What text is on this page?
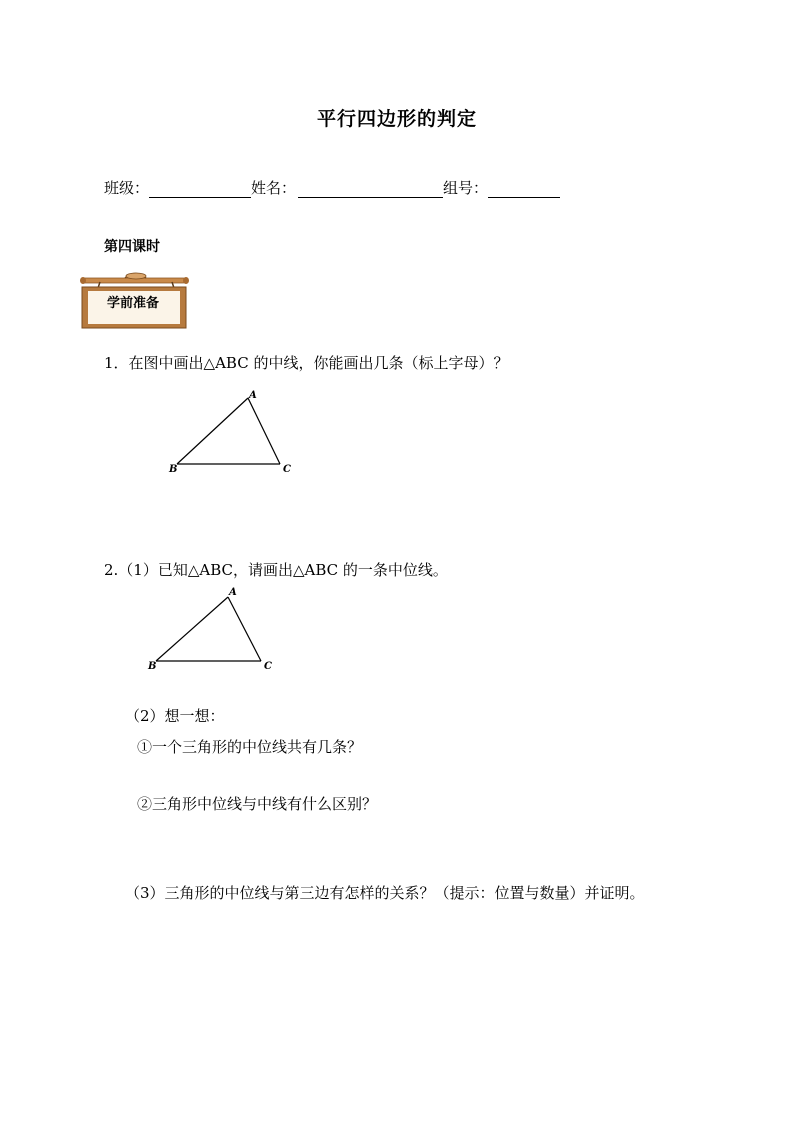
平行四边形的判定
班级：	姓名：	组号：
第四课时
学前准备
1．在图中画出△ABC 的中线，你能画出几条（标上字母）？
A
B	C
2.（1）已知△ABC，请画出△ABC 的一条中位线。
A
B	C
（2）想一想：
①一个三角形的中位线共有几条？
②三角形中位线与中线有什么区别？
（3）三角形的中位线与第三边有怎样的关系？（提示：位置与数量）并证明。
